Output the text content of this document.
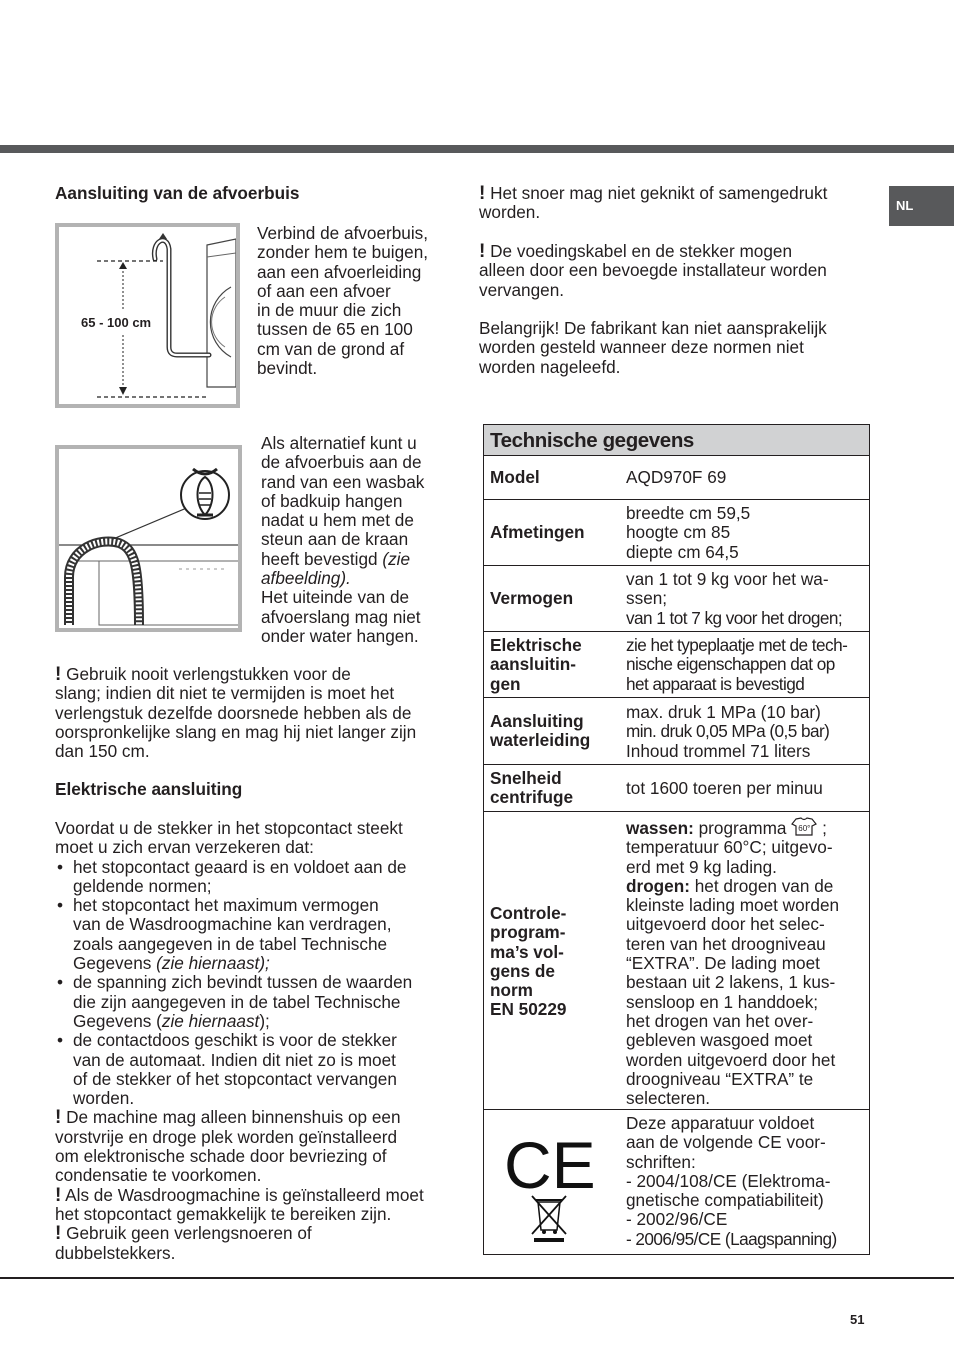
NL
Aansluiting van de afvoerbuis
65 - 100 cm
Verbind de afvoerbuis,
zonder hem te buigen,
aan een afvoerleiding
of aan een afvoer
in de muur die zich
tussen de 65 en 100
cm van de grond af
bevindt.
Als alternatief kunt u
de afvoerbuis aan de
rand van een wasbak
of badkuip hangen
nadat u hem met de
steun aan de kraan
heeft bevestigd (zie
afbeelding).
Het uiteinde van de
afvoerslang mag niet
onder water hangen.
! Gebruik nooit verlengstukken voor de
slang; indien dit niet te vermijden is moet het
verlengstuk dezelfde doorsnede hebben als de
oorspronkelijke slang en mag hij niet langer zijn
dan 150 cm.
Elektrische aansluiting
Voordat u de stekker in het stopcontact steekt
moet u zich ervan verzekeren dat:
• het stopcontact geaard is en voldoet aan de
geldende normen;
• het stopcontact het maximum vermogen
van de Wasdroogmachine kan verdragen,
zoals aangegeven in de tabel Technische
Gegevens (zie hiernaast);
• de spanning zich bevindt tussen de waarden
die zijn aangegeven in de tabel Technische
Gegevens (zie hiernaast);
• de contactdoos geschikt is voor de stekker
van de automaat. Indien dit niet zo is moet
of de stekker of het stopcontact vervangen
worden.
! De machine mag alleen binnenshuis op een
vorstvrije en droge plek worden geïnstalleerd
om elektronische schade door bevriezing of
condensatie te voorkomen.
! Als de Wasdroogmachine is geïnstalleerd moet
het stopcontact gemakkelijk te bereiken zijn.
! Gebruik geen verlengsnoeren of
dubbelstekkers.
! Het snoer mag niet geknikt of samengedrukt
worden.
! De voedingskabel en de stekker mogen
alleen door een bevoegde installateur worden
vervangen.
Belangrijk! De fabrikant kan niet aansprakelijk
worden gesteld wanneer deze normen niet
worden nageleefd.
Technische gegevens
Model	AQD970F 69
Afmetingen
breedte cm 59,5
hoogte cm 85
diepte cm 64,5
Vermogen
van 1 tot 9 kg voor het wa-
ssen;
van 1 tot 7 kg voor het drogen;
Elektrische
aansluitin-
gen
zie het typeplaatje met de tech-
nische eigenschappen dat op
het apparaat is bevestigd
Aansluiting
waterleiding
max. druk 1 MPa (10 bar)
min. druk 0,05 MPa (0,5 bar)
Inhoud trommel 71 liters
Snelheid
centrifuge	tot 1600 toeren per minuu
Controle-
program-
ma’s vol-
gens de
norm
EN 50229
wassen: programma 60° ;
temperatuur 60°C; uitgevo-
erd met 9 kg lading.
drogen: het drogen van de
kleinste lading moet worden
uitgevoerd door het selec-
teren van het droogniveau
“EXTRA”. De lading moet
bestaan uit 2 lakens, 1 kus-
sensloop en 1 handdoek;
het drogen van het over-
gebleven wasgoed moet
worden uitgevoerd door het
droogniveau “EXTRA” te
selecteren.
CE
Deze apparatuur voldoet
aan de volgende CE voor-
schriften:
- 2004/108/CE (Elektroma-
gnetische compatiabiliteit)
- 2002/96/CE
- 2006/95/CE (Laagspanning)
51
